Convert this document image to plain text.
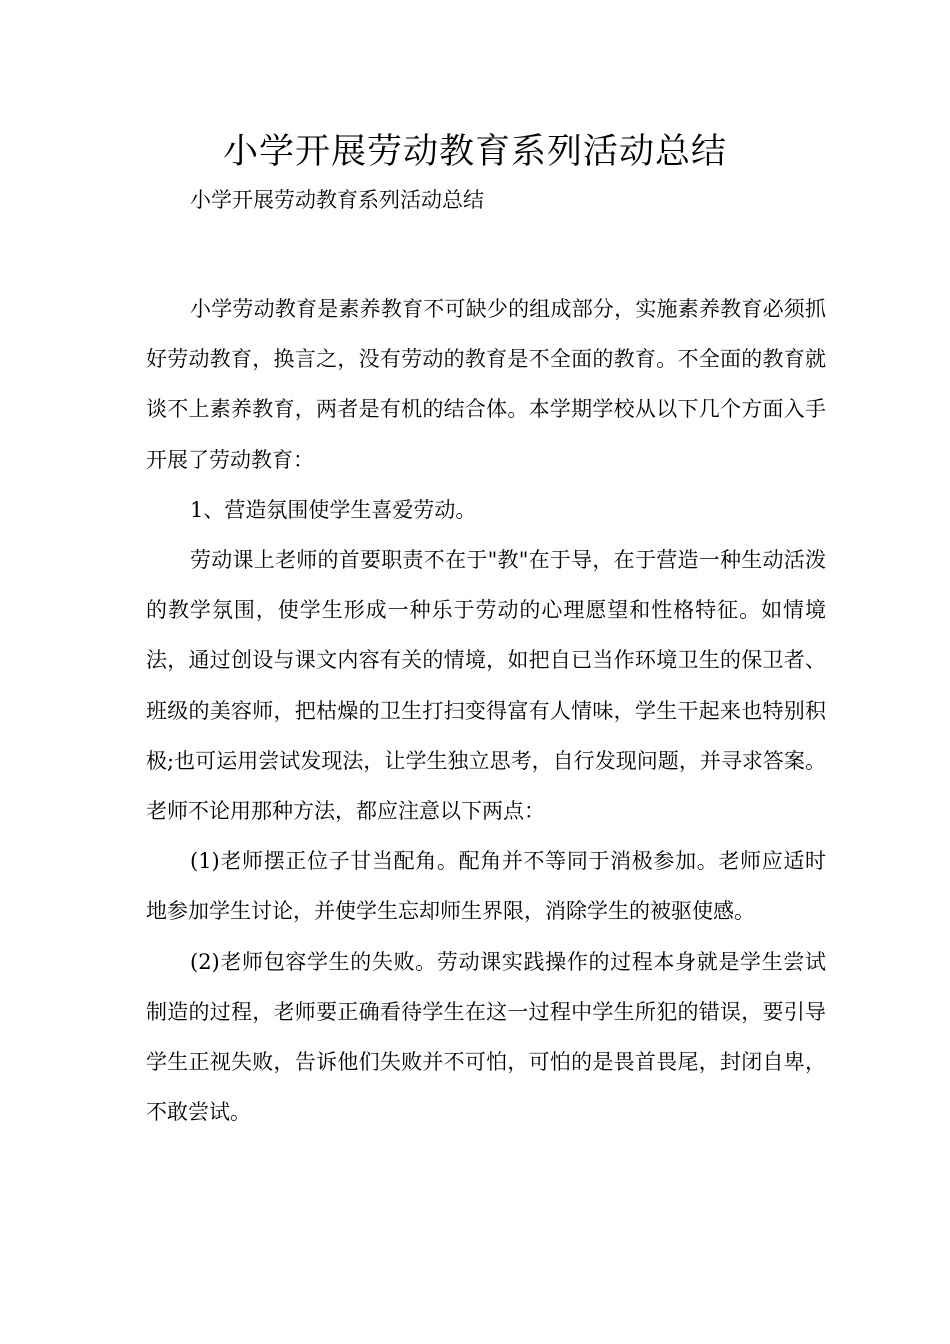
小学开展劳动教育系列活动总结

小学开展劳动教育系列活动总结

小学劳动教育是素养教育不可缺少的组成部分，实施素养教育必须抓好劳动教育，换言之，没有劳动的教育是不全面的教育。不全面的教育就谈不上素养教育，两者是有机的结合体。本学期学校从以下几个方面入手开展了劳动教育：

1、营造氛围使学生喜爱劳动。

劳动课上老师的首要职责不在于"教"在于导，在于营造一种生动活泼的教学氛围，使学生形成一种乐于劳动的心理愿望和性格特征。如情境法，通过创设与课文内容有关的情境，如把自已当作环境卫生的保卫者、班级的美容师，把枯燥的卫生打扫变得富有人情味，学生干起来也特别积极;也可运用尝试发现法，让学生独立思考，自行发现问题，并寻求答案。老师不论用那种方法，都应注意以下两点：

(1)老师摆正位子甘当配角。配角并不等同于消极参加。老师应适时地参加学生讨论，并使学生忘却师生界限，消除学生的被驱使感。

(2)老师包容学生的失败。劳动课实践操作的过程本身就是学生尝试制造的过程，老师要正确看待学生在这一过程中学生所犯的错误，要引导学生正视失败，告诉他们失败并不可怕，可怕的是畏首畏尾，封闭自卑，不敢尝试。
